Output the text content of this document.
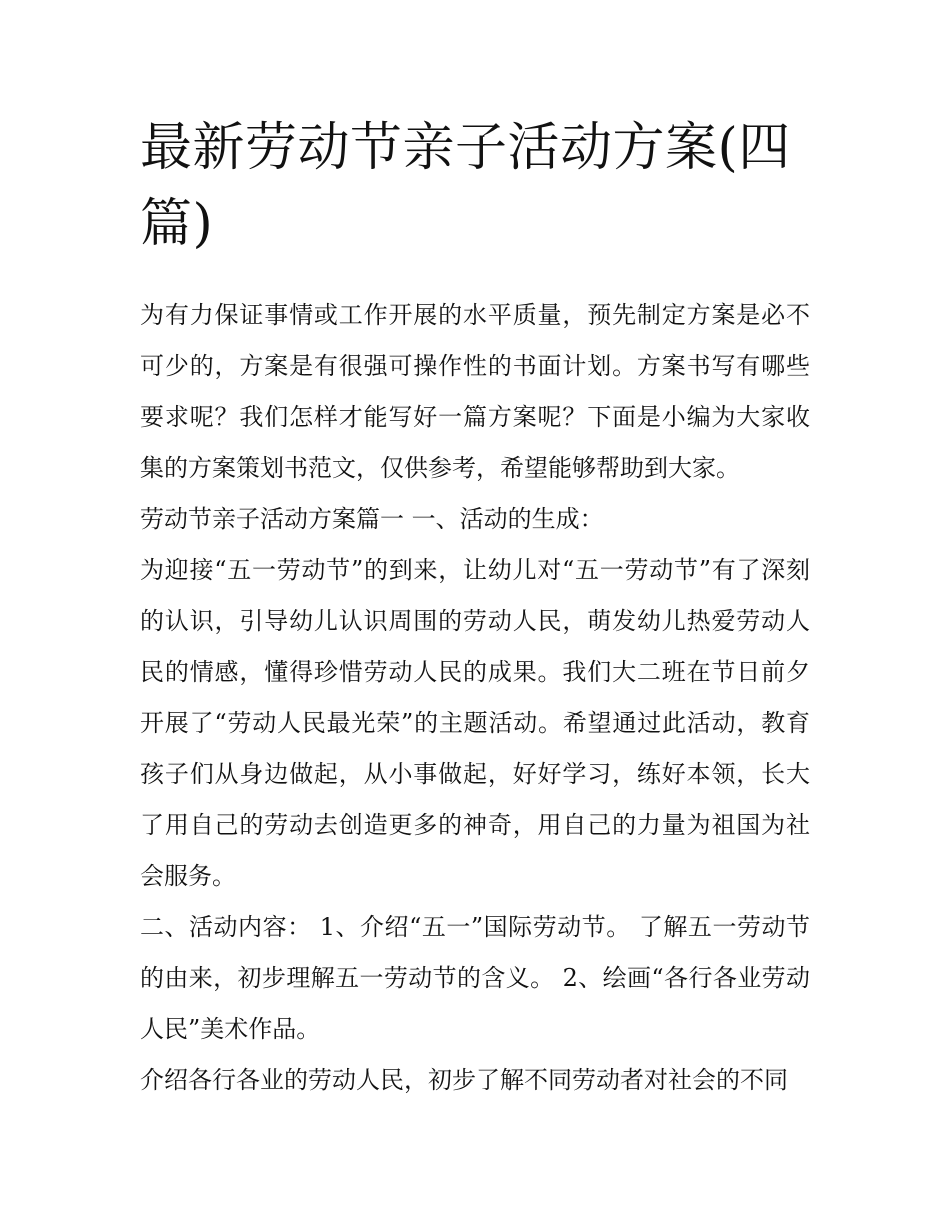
最新劳动节亲子活动方案(四篇)

为有力保证事情或工作开展的水平质量，预先制定方案是必不可少的，方案是有很强可操作性的书面计划。方案书写有哪些要求呢？我们怎样才能写好一篇方案呢？下面是小编为大家收集的方案策划书范文，仅供参考，希望能够帮助到大家。

劳动节亲子活动方案篇一 一、活动的生成：

为迎接“五一劳动节”的到来，让幼儿对“五一劳动节”有了深刻的认识，引导幼儿认识周围的劳动人民，萌发幼儿热爱劳动人民的情感，懂得珍惜劳动人民的成果。我们大二班在节日前夕开展了“劳动人民最光荣”的主题活动。希望通过此活动，教育孩子们从身边做起，从小事做起，好好学习，练好本领，长大了用自己的劳动去创造更多的神奇，用自己的力量为祖国为社会服务。

二、活动内容： 1、介绍“五一”国际劳动节。 了解五一劳动节的由来，初步理解五一劳动节的含义。 2、绘画“各行各业劳动人民”美术作品。

介绍各行各业的劳动人民，初步了解不同劳动者对社会的不同
